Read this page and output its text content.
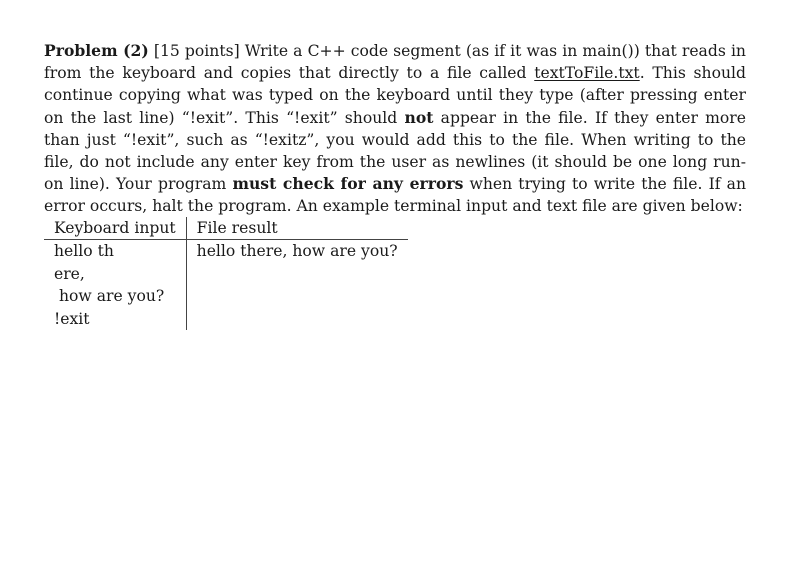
Problem (2) [15 points] Write a C++ code segment (as if it was in main()) that reads in from the keyboard and copies that directly to a file called textToFile.txt. This should continue copying what was typed on the keyboard until they type (after pressing enter on the last line) “!exit”. This “!exit” should not appear in the file. If they enter more than just “!exit”, such as “!exitz”, you would add this to the file. When writing to the file, do not include any enter key from the user as newlines (it should be one long run-on line). Your program must check for any errors when trying to write the file. If an error occurs, halt the program. An example terminal input and text file are given below:
Keyboard input	File result
hello th	hello there, how are you?
ere,	
how are you?	
!exit	
